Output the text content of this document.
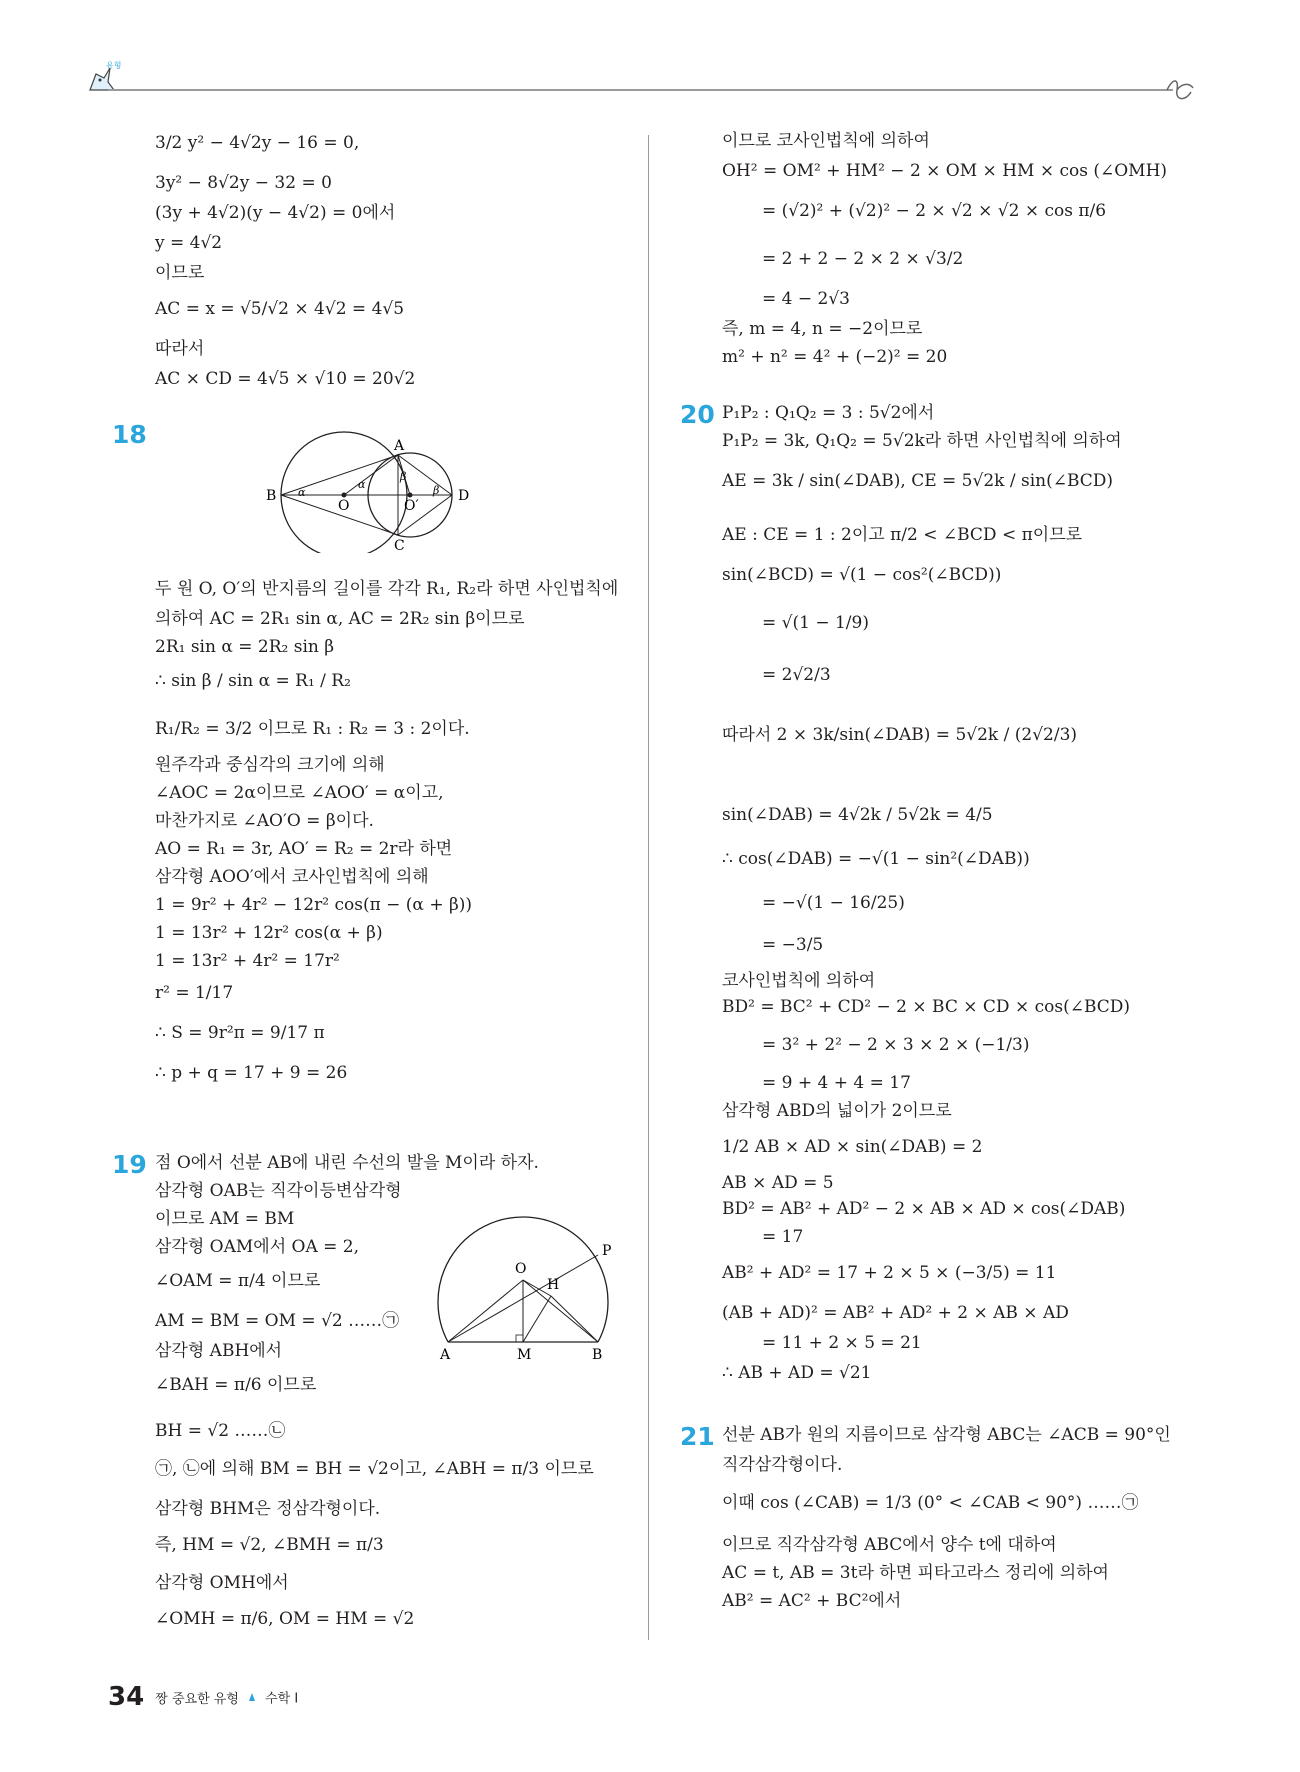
유형
3/2 y² − 4√2y − 16 = 0,
3y² − 8√2y − 32 = 0
(3y + 4√2)(y − 4√2) = 0에서
y = 4√2
이므로
AC = x = √5/√2 × 4√2 = 4√5
따라서
AC × CD = 4√5 × √10 = 20√2
18	A
B
C
D
O	O′
α
α
β
β
두 원 O, O′의 반지름의 길이를 각각 R₁, R₂라 하면 사인법칙에
의하여 AC = 2R₁ sin α, AC = 2R₂ sin β이므로
2R₁ sin α = 2R₂ sin β
∴ sin β / sin α = R₁ / R₂
R₁/R₂ = 3/2 이므로 R₁ : R₂ = 3 : 2이다.
원주각과 중심각의 크기에 의해
∠AOC = 2α이므로 ∠AOO′ = α이고,
마찬가지로 ∠AO′O = β이다.
AO = R₁ = 3r, AO′ = R₂ = 2r라 하면
삼각형 AOO′에서 코사인법칙에 의해
1 = 9r² + 4r² − 12r² cos(π − (α + β))
1 = 13r² + 12r² cos(α + β)
1 = 13r² + 4r² = 17r²
r² = 1/17
∴ S = 9r²π = 9/17 π
∴ p + q = 17 + 9 = 26
19 점 O에서 선분 AB에 내린 수선의 발을 M이라 하자.
삼각형 OAB는 직각이등변삼각형
이므로 AM = BM
삼각형 OAM에서 OA = 2,
∠OAM = π/4 이므로
AM = BM = OM = √2 ……㉠
삼각형 ABH에서
∠BAH = π/6 이므로
BH = √2 ……㉡
㉠, ㉡에 의해 BM = BH = √2이고, ∠ABH = π/3 이므로
삼각형 BHM은 정삼각형이다.
즉, HM = √2, ∠BMH = π/3
삼각형 OMH에서
∠OMH = π/6, OM = HM = √2
O
H
P
A	M	B
이므로 코사인법칙에 의하여
OH² = OM² + HM² − 2 × OM × HM × cos (∠OMH)
= (√2)² + (√2)² − 2 × √2 × √2 × cos π/6
= 2 + 2 − 2 × 2 × √3/2
= 4 − 2√3
즉, m = 4, n = −2이므로
m² + n² = 4² + (−2)² = 20
20 P₁P₂ : Q₁Q₂ = 3 : 5√2에서
P₁P₂ = 3k, Q₁Q₂ = 5√2k라 하면 사인법칙에 의하여
AE = 3k / sin(∠DAB), CE = 5√2k / sin(∠BCD)
AE : CE = 1 : 2이고 π/2 < ∠BCD < π이므로
sin(∠BCD) = √(1 − cos²(∠BCD))
= √(1 − 1/9)
= 2√2/3
따라서 2 × 3k/sin(∠DAB) = 5√2k / (2√2/3)
sin(∠DAB) = 4√2k / 5√2k = 4/5
∴ cos(∠DAB) = −√(1 − sin²(∠DAB))
= −√(1 − 16/25)
= −3/5
코사인법칙에 의하여
BD² = BC² + CD² − 2 × BC × CD × cos(∠BCD)
= 3² + 2² − 2 × 3 × 2 × (−1/3)
= 9 + 4 + 4 = 17
삼각형 ABD의 넓이가 2이므로
1/2 AB × AD × sin(∠DAB) = 2
AB × AD = 5
BD² = AB² + AD² − 2 × AB × AD × cos(∠DAB)
= 17
AB² + AD² = 17 + 2 × 5 × (−3/5) = 11
(AB + AD)² = AB² + AD² + 2 × AB × AD
= 11 + 2 × 5 = 21
∴ AB + AD = √21
21 선분 AB가 원의 지름이므로 삼각형 ABC는 ∠ACB = 90°인
직각삼각형이다.
이때 cos (∠CAB) = 1/3 (0° < ∠CAB < 90°) ……㉠
이므로 직각삼각형 ABC에서 양수 t에 대하여
AC = t, AB = 3t라 하면 피타고라스 정리에 의하여
AB² = AC² + BC²에서
34 짱 중요한 유형 수학 I
